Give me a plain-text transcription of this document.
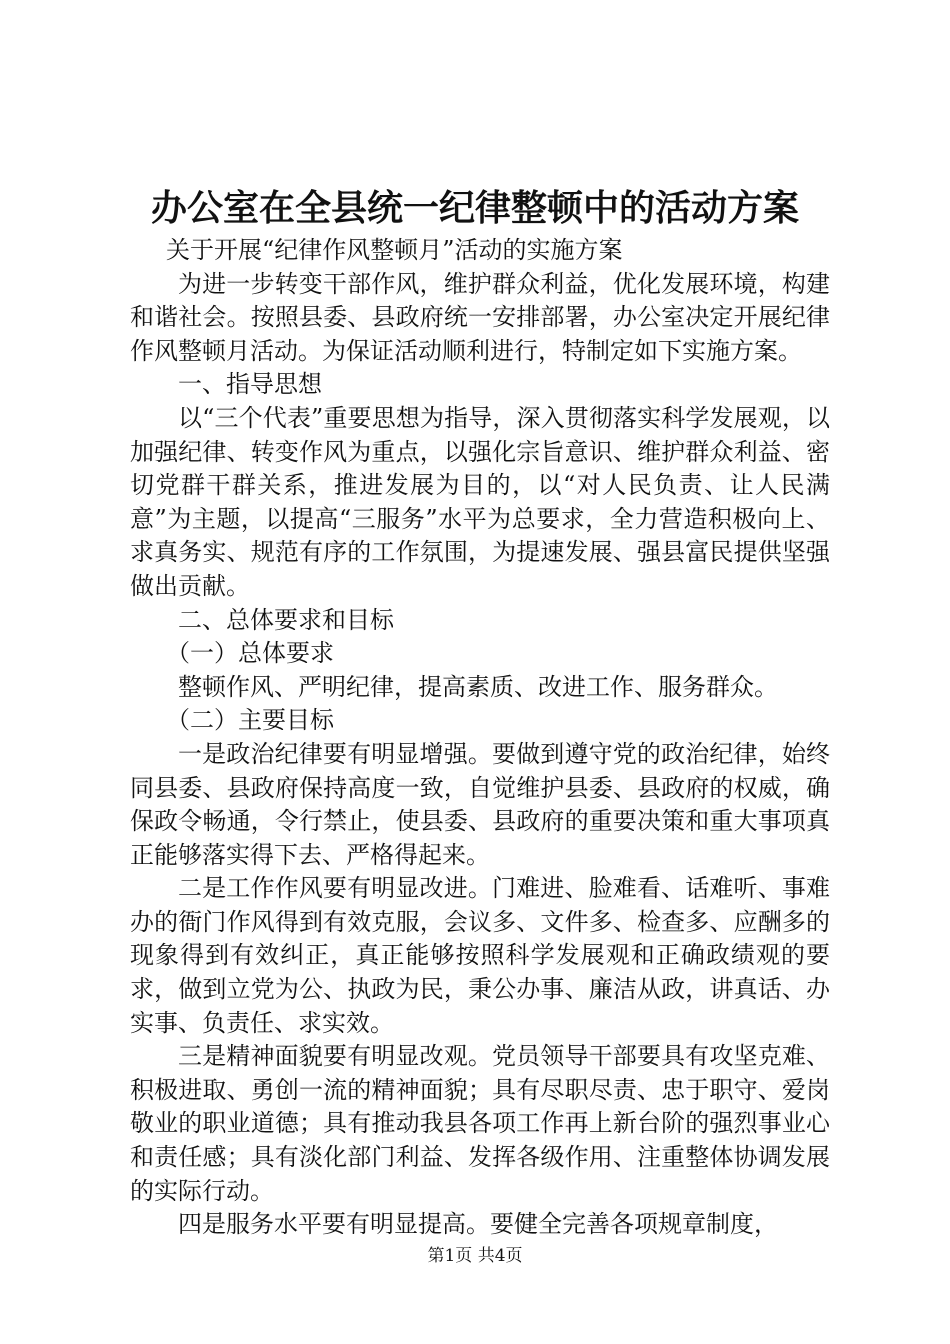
办公室在全县统一纪律整顿中的活动方案

关于开展“纪律作风整顿月”活动的实施方案

为进一步转变干部作风，维护群众利益，优化发展环境，构建和谐社会。按照县委、县政府统一安排部署，办公室决定开展纪律作风整顿月活动。为保证活动顺利进行，特制定如下实施方案。

一、指导思想

以“三个代表”重要思想为指导，深入贯彻落实科学发展观，以加强纪律、转变作风为重点，以强化宗旨意识、维护群众利益、密切党群干群关系，推进发展为目的，以“对人民负责、让人民满意”为主题，以提高“三服务”水平为总要求，全力营造积极向上、求真务实、规范有序的工作氛围，为提速发展、强县富民提供坚强做出贡献。

二、总体要求和目标

（一）总体要求

整顿作风、严明纪律，提高素质、改进工作、服务群众。

（二）主要目标

一是政治纪律要有明显增强。要做到遵守党的政治纪律，始终同县委、县政府保持高度一致，自觉维护县委、县政府的权威，确保政令畅通，令行禁止，使县委、县政府的重要决策和重大事项真正能够落实得下去、严格得起来。

二是工作作风要有明显改进。门难进、脸难看、话难听、事难办的衙门作风得到有效克服，会议多、文件多、检查多、应酬多的现象得到有效纠正，真正能够按照科学发展观和正确政绩观的要求，做到立党为公、执政为民，秉公办事、廉洁从政，讲真话、办实事、负责任、求实效。

三是精神面貌要有明显改观。党员领导干部要具有攻坚克难、积极进取、勇创一流的精神面貌；具有尽职尽责、忠于职守、爱岗敬业的职业道德；具有推动我县各项工作再上新台阶的强烈事业心和责任感；具有淡化部门利益、发挥各级作用、注重整体协调发展的实际行动。

四是服务水平要有明显提高。要健全完善各项规章制度，

第1页 共4页
